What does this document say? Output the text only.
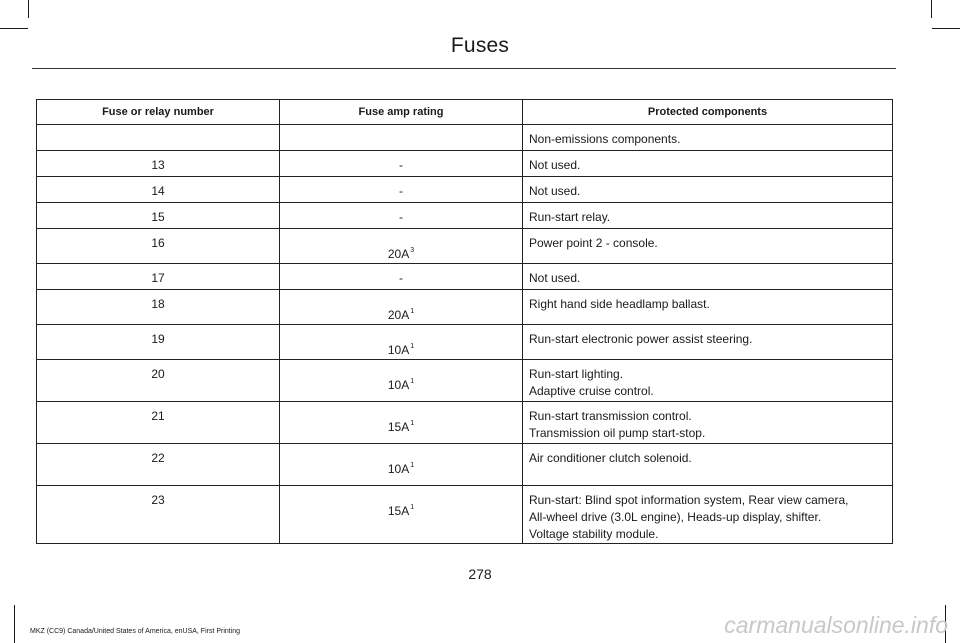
Fuses
Fuse or relay number	Fuse amp rating	Protected components

		Non-emissions components.

13	-	Not used.

14	-	Not used.

15	-	Run-start relay.

16	$20A^3$	Power point 2 - console.

17	-	Not used.

18	$20A^1$	Right hand side headlamp ballast.

19	$10A^1$	Run-start electronic power assist steering.

20	$10A^1$	Run-start lighting.
Adaptive cruise control.

21	$15A^1$	Run-start transmission control.
Transmission oil pump start-stop.

22	$10A^1$	Air conditioner clutch solenoid.

23	$15A^1$	Run-start: Blind spot information system, Rear view camera,
All-wheel drive (3.0L engine), Heads-up display, shifter.
Voltage stability module.
278
MKZ (CC9) Canada/United States of America, enUSA, First Printing	carmanualsonline.info
